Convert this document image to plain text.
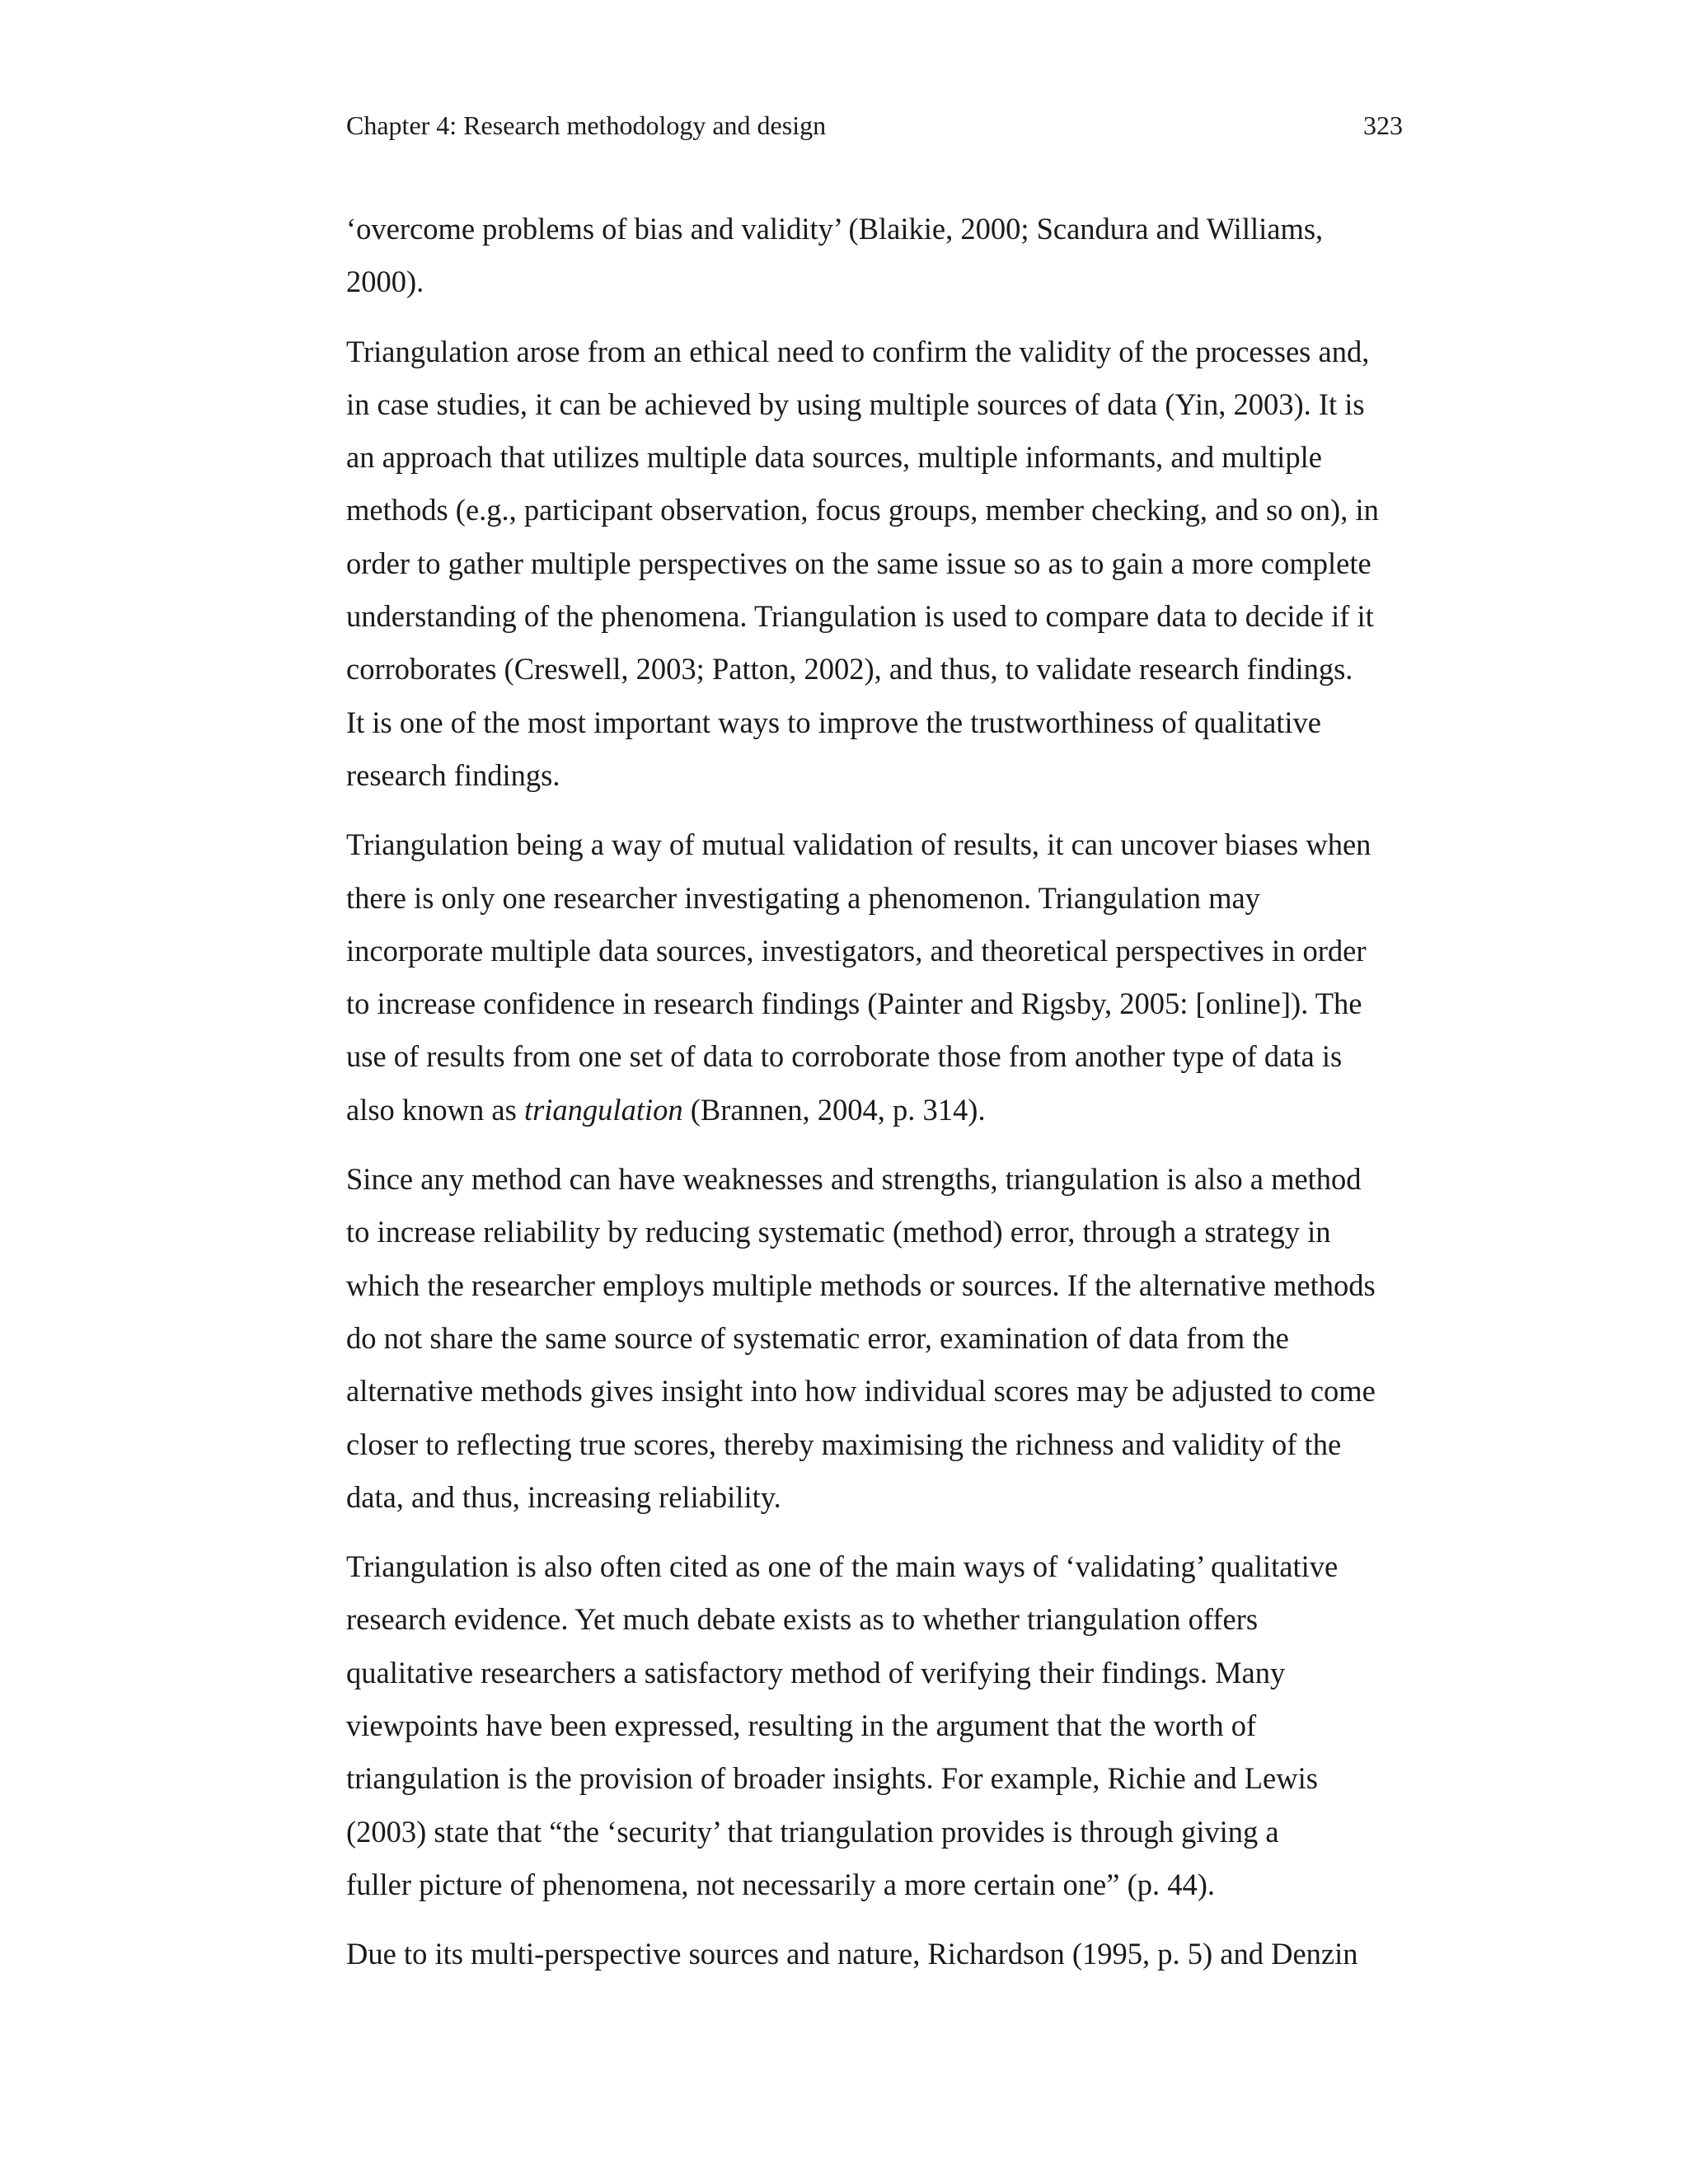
Chapter 4: Research methodology and design	323

‘overcome problems of bias and validity’ (Blaikie, 2000; Scandura and Williams,
2000).

Triangulation arose from an ethical need to confirm the validity of the processes and,
in case studies, it can be achieved by using multiple sources of data (Yin, 2003). It is
an approach that utilizes multiple data sources, multiple informants, and multiple
methods (e.g., participant observation, focus groups, member checking, and so on), in
order to gather multiple perspectives on the same issue so as to gain a more complete
understanding of the phenomena. Triangulation is used to compare data to decide if it
corroborates (Creswell, 2003; Patton, 2002), and thus, to validate research findings.
It is one of the most important ways to improve the trustworthiness of qualitative
research findings.

Triangulation being a way of mutual validation of results, it can uncover biases when
there is only one researcher investigating a phenomenon. Triangulation may
incorporate multiple data sources, investigators, and theoretical perspectives in order
to increase confidence in research findings (Painter and Rigsby, 2005: [online]). The
use of results from one set of data to corroborate those from another type of data is
also known as triangulation (Brannen, 2004, p. 314).

Since any method can have weaknesses and strengths, triangulation is also a method
to increase reliability by reducing systematic (method) error, through a strategy in
which the researcher employs multiple methods or sources. If the alternative methods
do not share the same source of systematic error, examination of data from the
alternative methods gives insight into how individual scores may be adjusted to come
closer to reflecting true scores, thereby maximising the richness and validity of the
data, and thus, increasing reliability.

Triangulation is also often cited as one of the main ways of ‘validating’ qualitative
research evidence. Yet much debate exists as to whether triangulation offers
qualitative researchers a satisfactory method of verifying their findings. Many
viewpoints have been expressed, resulting in the argument that the worth of
triangulation is the provision of broader insights. For example, Richie and Lewis
(2003) state that “the ‘security’ that triangulation provides is through giving a
fuller picture of phenomena, not necessarily a more certain one” (p. 44).

Due to its multi-perspective sources and nature, Richardson (1995, p. 5) and Denzin
